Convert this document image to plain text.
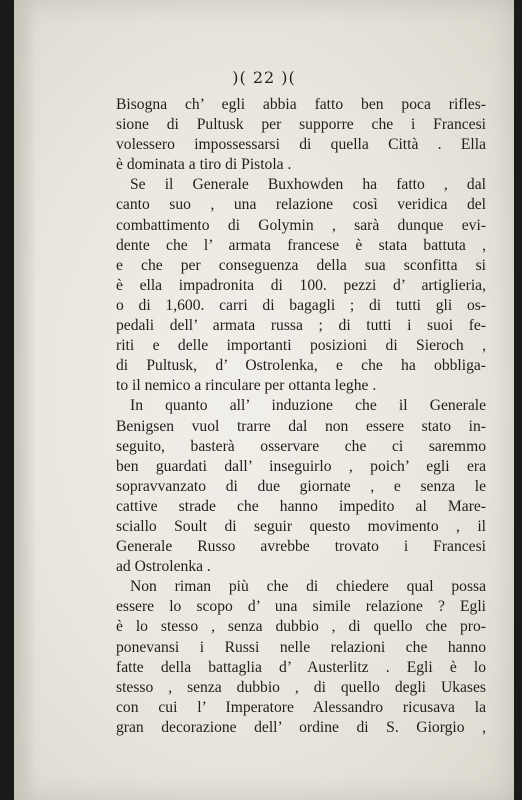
)( 22 )(
Bisogna ch’ egli abbia fatto ben poca rifles-
sione di Pultusk per supporre che i Francesi
volessero impossessarsi di quella Città . Ella
è dominata a tiro di Pistola .
Se il Generale Buxhowden ha fatto , dal
canto suo , una relazione così veridica del
combattimento di Golymin , sarà dunque evi-
dente che l’ armata francese è stata battuta ,
e che per conseguenza della sua sconfitta si
è ella impadronita di 100. pezzi d’ artiglieria,
o di 1,600. carri di bagagli ; di tutti gli os-
pedali dell’ armata russa ; di tutti i suoi fe-
riti e delle importanti posizioni di Sieroch ,
di Pultusk, d’ Ostrolenka, e che ha obbliga-
to il nemico a rinculare per ottanta leghe .
In quanto all’ induzione che il Generale
Benigsen vuol trarre dal non essere stato in-
seguito, basterà osservare che ci saremmo
ben guardati dall’ inseguirlo , poich’ egli era
sopravvanzato di due giornate , e senza le
cattive strade che hanno impedito al Mare-
sciallo Soult di seguir questo movimento , il
Generale Russo avrebbe trovato i Francesi
ad Ostrolenka .
Non riman più che di chiedere qual possa
essere lo scopo d’ una simile relazione ? Egli
è lo stesso , senza dubbio , di quello che pro-
ponevansi i Russi nelle relazioni che hanno
fatte della battaglia d’ Austerlitz . Egli è lo
stesso , senza dubbio , di quello degli Ukases
con cui l’ Imperatore Alessandro ricusava la
gran decorazione dell’ ordine di S. Giorgio ,
